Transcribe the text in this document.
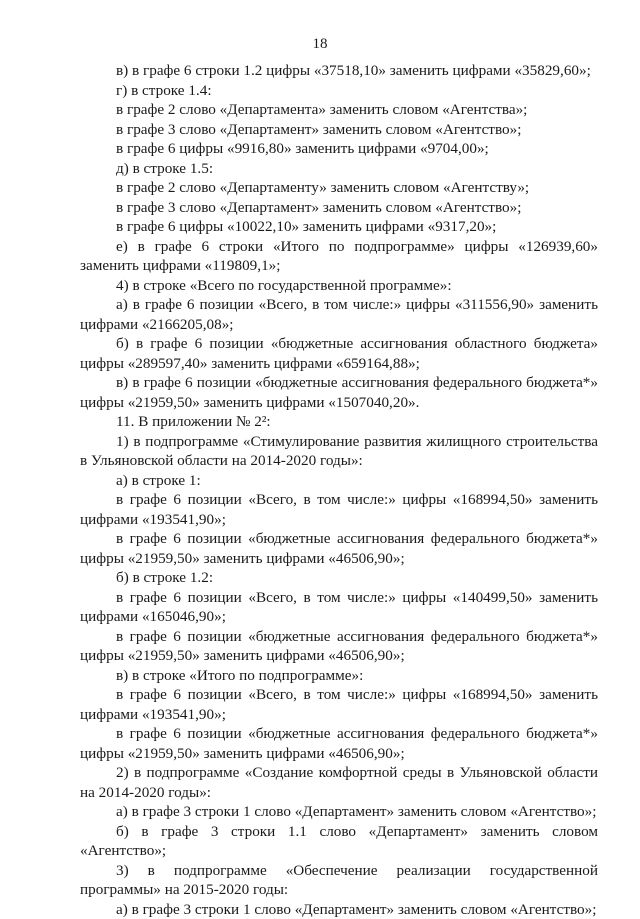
18

в) в графе 6 строки 1.2 цифры «37518,10» заменить цифрами «35829,60»;

г) в строке 1.4:

в графе 2 слово «Департамента» заменить словом «Агентства»;

в графе 3 слово «Департамент» заменить словом «Агентство»;

в графе 6 цифры «9916,80» заменить цифрами «9704,00»;

д) в строке 1.5:

в графе 2 слово «Департаменту» заменить словом «Агентству»;

в графе 3 слово «Департамент» заменить словом «Агентство»;

в графе 6 цифры «10022,10» заменить цифрами «9317,20»;

е) в графе 6 строки «Итого по подпрограмме» цифры «126939,60» заменить цифрами «119809,1»;

4) в строке «Всего по государственной программе»:

а) в графе 6 позиции «Всего, в том числе:» цифры «311556,90» заменить цифрами «2166205,08»;

б) в графе 6 позиции «бюджетные ассигнования областного бюджета» цифры «289597,40» заменить цифрами «659164,88»;

в) в графе 6 позиции «бюджетные ассигнования федерального бюджета*» цифры «21959,50» заменить цифрами «1507040,20».

11. В приложении № 2²:

1) в подпрограмме «Стимулирование развития жилищного строительства в Ульяновской области на 2014-2020 годы»:

а) в строке 1:

в графе 6 позиции «Всего, в том числе:» цифры «168994,50» заменить цифрами «193541,90»;

в графе 6 позиции «бюджетные ассигнования федерального бюджета*» цифры «21959,50» заменить цифрами «46506,90»;

б) в строке 1.2:

в графе 6 позиции «Всего, в том числе:» цифры «140499,50» заменить цифрами «165046,90»;

в графе 6 позиции «бюджетные ассигнования федерального бюджета*» цифры «21959,50» заменить цифрами «46506,90»;

в) в строке «Итого по подпрограмме»:

в графе 6 позиции «Всего, в том числе:» цифры «168994,50» заменить цифрами «193541,90»;

в графе 6 позиции «бюджетные ассигнования федерального бюджета*» цифры «21959,50» заменить цифрами «46506,90»;

2) в подпрограмме «Создание комфортной среды в Ульяновской области на 2014-2020 годы»:

а) в графе 3 строки 1 слово «Департамент» заменить словом «Агентство»;

б) в графе 3 строки 1.1 слово «Департамент» заменить словом «Агентство»;

3) в подпрограмме «Обеспечение реализации государственной программы» на 2015-2020 годы:

а) в графе 3 строки 1 слово «Департамент» заменить словом «Агентство»;
